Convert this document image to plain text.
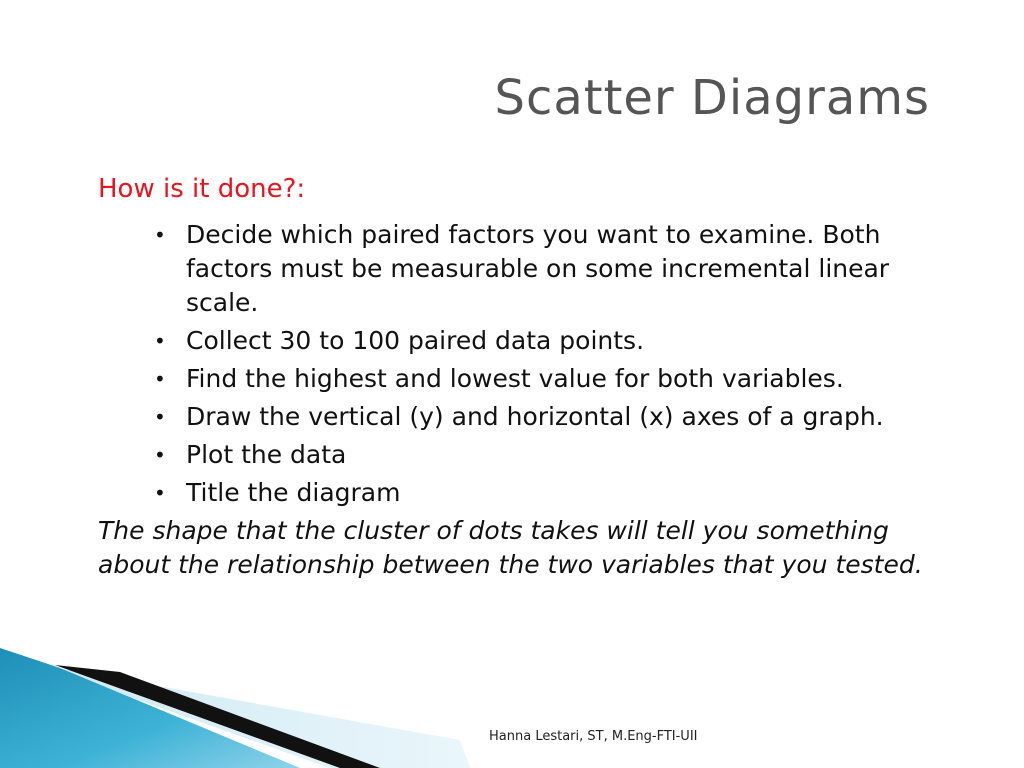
Scatter Diagrams
How is it done?:
• Decide which paired factors you want to examine. Both factors must be measurable on some incremental linear scale.
• Collect 30 to 100 paired data points.
• Find the highest and lowest value for both variables.
• Draw the vertical (y) and horizontal (x) axes of a graph.
• Plot the data
• Title the diagram

The shape that the cluster of dots takes will tell you something about the relationship between the two variables that you tested.

Hanna Lestari, ST, M.Eng-FTI-UII
